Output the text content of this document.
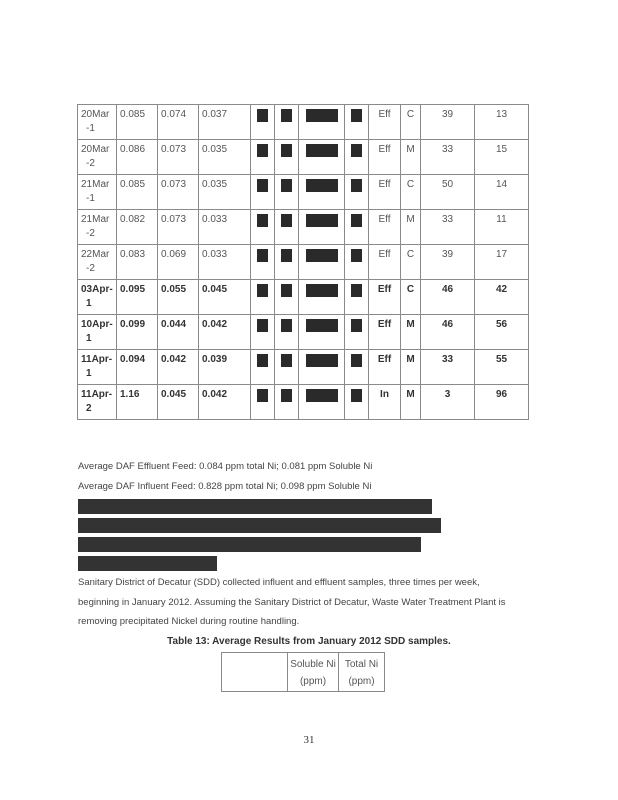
20Mar
-1	0.085	0.074	0.037					Eff	C	39	13

20Mar
-2	0.086	0.073	0.035					Eff	M	33	15

21Mar
-1	0.085	0.073	0.035					Eff	C	50	14

21Mar
-2	0.082	0.073	0.033					Eff	M	33	11

22Mar
-2	0.083	0.069	0.033					Eff	C	39	17

03Apr-
1	0.095	0.055	0.045					Eff	C	46	42

10Apr-
1	0.099	0.044	0.042					Eff	M	46	56

11Apr-
1	0.094	0.042	0.039					Eff	M	33	55

11Apr-
2	1.16	0.045	0.042					In	M	3	96
Average DAF Effluent Feed: 0.084 ppm total Ni; 0.081 ppm Soluble Ni
Average DAF Influent Feed: 0.828 ppm total Ni; 0.098 ppm Soluble Ni
Sanitary District of Decatur (SDD) collected influent and effluent samples, three times per week,
beginning in January 2012. Assuming the Sanitary District of Decatur, Waste Water Treatment Plant is
removing precipitated Nickel during routine handling.
Table 13: Average Results from January 2012 SDD samples.

Soluble Ni
(ppm)

Total Ni
(ppm)
31
